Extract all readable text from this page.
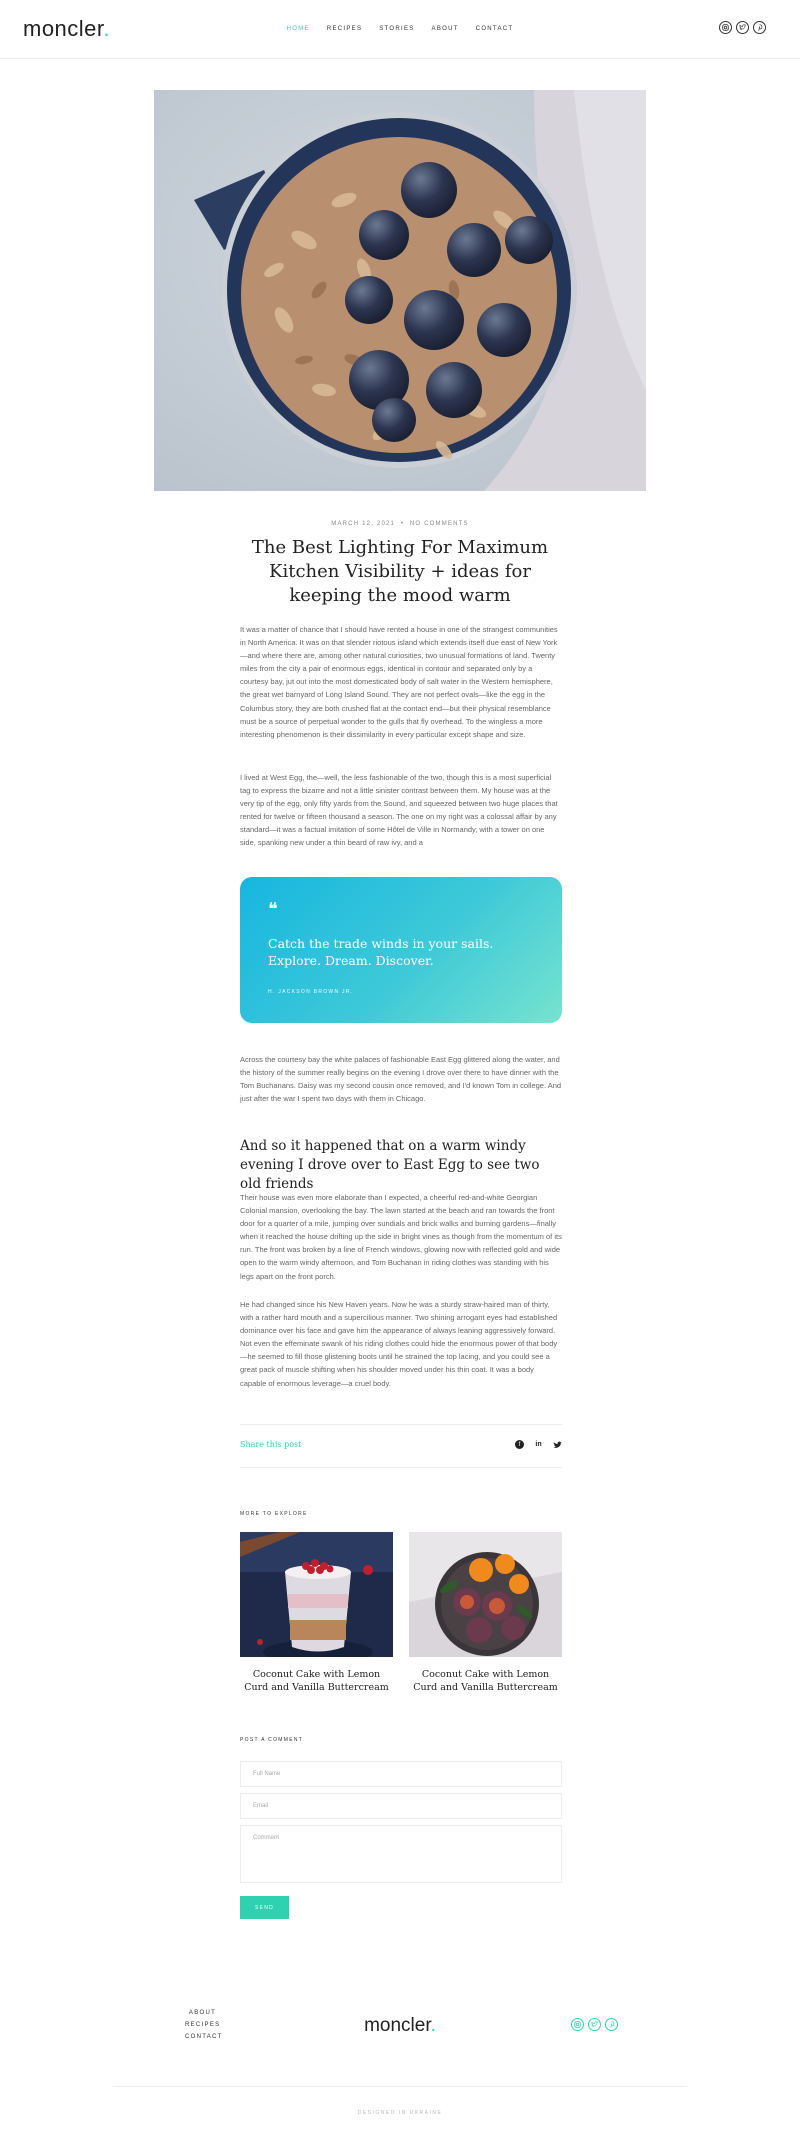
moncler.	HOME	RECIPES	STORIES	ABOUT	CONTACT
MARCH 12, 2021 • NO COMMENTS
The Best Lighting For Maximum Kitchen Visibility + ideas for keeping the mood warm
It was a matter of chance that I should have rented a house in one of the strangest communities in North America. It was on that slender riotous island which extends itself due east of New York—and where there are, among other natural curiosities, two unusual formations of land. Twenty miles from the city a pair of enormous eggs, identical in contour and separated only by a courtesy bay, jut out into the most domesticated body of salt water in the Western hemisphere, the great wet barnyard of Long Island Sound. They are not perfect ovals—like the egg in the Columbus story, they are both crushed flat at the contact end—but their physical resemblance must be a source of perpetual wonder to the gulls that fly overhead. To the wingless a more interesting phenomenon is their dissimilarity in every particular except shape and size.
I lived at West Egg, the—well, the less fashionable of the two, though this is a most superficial tag to express the bizarre and not a little sinister contrast between them. My house was at the very tip of the egg, only fifty yards from the Sound, and squeezed between two huge places that rented for twelve or fifteen thousand a season. The one on my right was a colossal affair by any standard—it was a factual imitation of some Hôtel de Ville in Normandy, with a tower on one side, spanking new under a thin beard of raw ivy, and a
❝
Catch the trade winds in your sails. Explore. Dream. Discover.
H. JACKSON BROWN JR.
Across the courtesy bay the white palaces of fashionable East Egg glittered along the water, and the history of the summer really begins on the evening I drove over there to have dinner with the Tom Buchanans. Daisy was my second cousin once removed, and I'd known Tom in college. And just after the war I spent two days with them in Chicago.
And so it happened that on a warm windy evening I drove over to East Egg to see two old friends
Their house was even more elaborate than I expected, a cheerful red-and-white Georgian Colonial mansion, overlooking the bay. The lawn started at the beach and ran towards the front door for a quarter of a mile, jumping over sundials and brick walks and burning gardens—finally when it reached the house drifting up the side in bright vines as though from the momentum of its run. The front was broken by a line of French windows, glowing now with reflected gold and wide open to the warm windy afternoon, and Tom Buchanan in riding clothes was standing with his legs apart on the front porch.
He had changed since his New Haven years. Now he was a sturdy straw-haired man of thirty, with a rather hard mouth and a supercilious manner. Two shining arrogant eyes had established dominance over his face and gave him the appearance of always leaning aggressively forward. Not even the effeminate swank of his riding clothes could hide the enormous power of that body—he seemed to fill those glistening boots until he strained the top lacing, and you could see a great pack of muscle shifting when his shoulder moved under his thin coat. It was a body capable of enormous leverage—a cruel body.
Share this post	f	in
MORE TO EXPLORE
Coconut Cake with Lemon Curd and Vanilla Buttercream
Coconut Cake with Lemon Curd and Vanilla Buttercream
POST A COMMENT
Full Name
Email
Comment
SEND
ABOUT
RECIPES
CONTACT
moncler.
DESIGNED IN UKRAINE
